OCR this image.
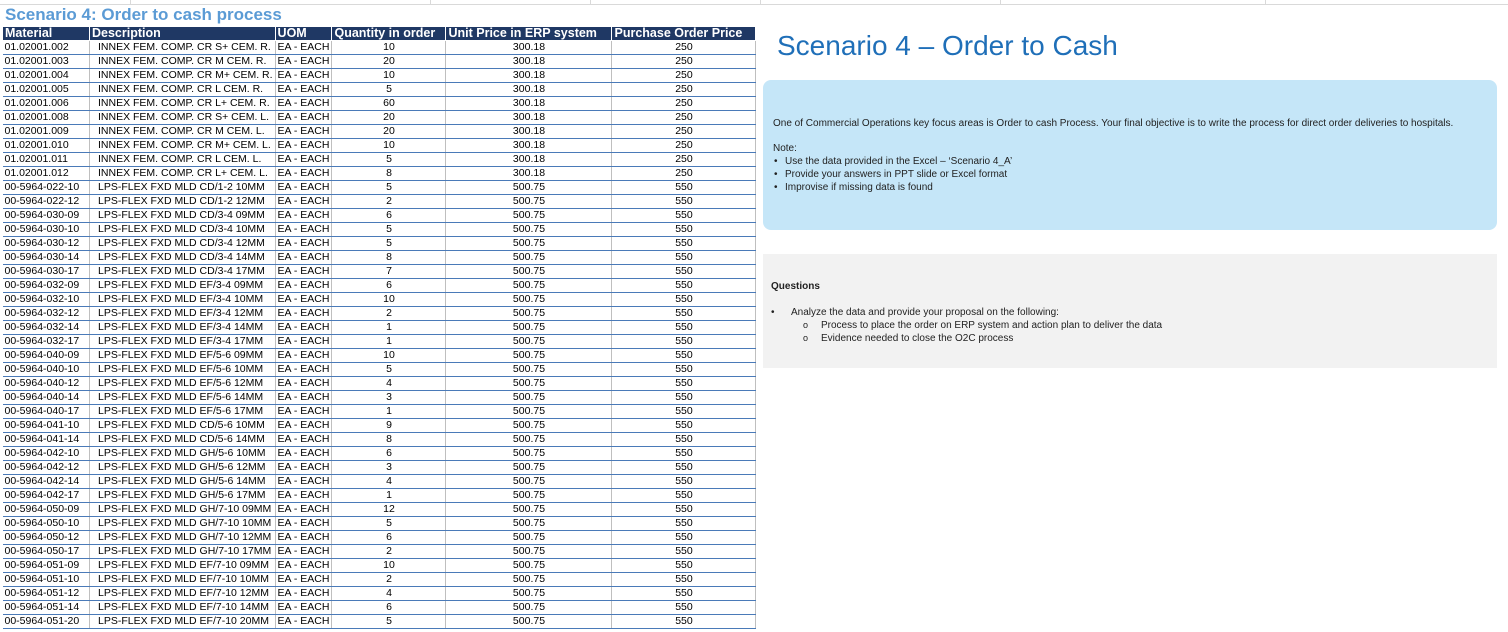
Scenario 4: Order to cash process
Material	Description	UOM	Quantity in order	Unit Price in ERP system	Purchase Order Price
01.02001.002	INNEX FEM. COMP. CR S+ CEM. R.	EA - EACH	10	300.18	250
01.02001.003	INNEX FEM. COMP. CR M CEM. R.	EA - EACH	20	300.18	250
01.02001.004	INNEX FEM. COMP. CR M+ CEM. R.	EA - EACH	10	300.18	250
01.02001.005	INNEX FEM. COMP. CR L CEM. R.	EA - EACH	5	300.18	250
01.02001.006	INNEX FEM. COMP. CR L+ CEM. R.	EA - EACH	60	300.18	250
01.02001.008	INNEX FEM. COMP. CR S+ CEM. L.	EA - EACH	20	300.18	250
01.02001.009	INNEX FEM. COMP. CR M CEM. L.	EA - EACH	20	300.18	250
01.02001.010	INNEX FEM. COMP. CR M+ CEM. L.	EA - EACH	10	300.18	250
01.02001.011	INNEX FEM. COMP. CR L CEM. L.	EA - EACH	5	300.18	250
01.02001.012	INNEX FEM. COMP. CR L+ CEM. L.	EA - EACH	8	300.18	250
00-5964-022-10	LPS-FLEX FXD MLD CD/1-2 10MM	EA - EACH	5	500.75	550
00-5964-022-12	LPS-FLEX FXD MLD CD/1-2 12MM	EA - EACH	2	500.75	550
00-5964-030-09	LPS-FLEX FXD MLD CD/3-4 09MM	EA - EACH	6	500.75	550
00-5964-030-10	LPS-FLEX FXD MLD CD/3-4 10MM	EA - EACH	5	500.75	550
00-5964-030-12	LPS-FLEX FXD MLD CD/3-4 12MM	EA - EACH	5	500.75	550
00-5964-030-14	LPS-FLEX FXD MLD CD/3-4 14MM	EA - EACH	8	500.75	550
00-5964-030-17	LPS-FLEX FXD MLD CD/3-4 17MM	EA - EACH	7	500.75	550
00-5964-032-09	LPS-FLEX FXD MLD EF/3-4 09MM	EA - EACH	6	500.75	550
00-5964-032-10	LPS-FLEX FXD MLD EF/3-4 10MM	EA - EACH	10	500.75	550
00-5964-032-12	LPS-FLEX FXD MLD EF/3-4 12MM	EA - EACH	2	500.75	550
00-5964-032-14	LPS-FLEX FXD MLD EF/3-4 14MM	EA - EACH	1	500.75	550
00-5964-032-17	LPS-FLEX FXD MLD EF/3-4 17MM	EA - EACH	1	500.75	550
00-5964-040-09	LPS-FLEX FXD MLD EF/5-6 09MM	EA - EACH	10	500.75	550
00-5964-040-10	LPS-FLEX FXD MLD EF/5-6 10MM	EA - EACH	5	500.75	550
00-5964-040-12	LPS-FLEX FXD MLD EF/5-6 12MM	EA - EACH	4	500.75	550
00-5964-040-14	LPS-FLEX FXD MLD EF/5-6 14MM	EA - EACH	3	500.75	550
00-5964-040-17	LPS-FLEX FXD MLD EF/5-6 17MM	EA - EACH	1	500.75	550
00-5964-041-10	LPS-FLEX FXD MLD CD/5-6 10MM	EA - EACH	9	500.75	550
00-5964-041-14	LPS-FLEX FXD MLD CD/5-6 14MM	EA - EACH	8	500.75	550
00-5964-042-10	LPS-FLEX FXD MLD GH/5-6 10MM	EA - EACH	6	500.75	550
00-5964-042-12	LPS-FLEX FXD MLD GH/5-6 12MM	EA - EACH	3	500.75	550
00-5964-042-14	LPS-FLEX FXD MLD GH/5-6 14MM	EA - EACH	4	500.75	550
00-5964-042-17	LPS-FLEX FXD MLD GH/5-6 17MM	EA - EACH	1	500.75	550
00-5964-050-09	LPS-FLEX FXD MLD GH/7-10 09MM	EA - EACH	12	500.75	550
00-5964-050-10	LPS-FLEX FXD MLD GH/7-10 10MM	EA - EACH	5	500.75	550
00-5964-050-12	LPS-FLEX FXD MLD GH/7-10 12MM	EA - EACH	6	500.75	550
00-5964-050-17	LPS-FLEX FXD MLD GH/7-10 17MM	EA - EACH	2	500.75	550
00-5964-051-09	LPS-FLEX FXD MLD EF/7-10 09MM	EA - EACH	10	500.75	550
00-5964-051-10	LPS-FLEX FXD MLD EF/7-10 10MM	EA - EACH	2	500.75	550
00-5964-051-12	LPS-FLEX FXD MLD EF/7-10 12MM	EA - EACH	4	500.75	550
00-5964-051-14	LPS-FLEX FXD MLD EF/7-10 14MM	EA - EACH	6	500.75	550
00-5964-051-20	LPS-FLEX FXD MLD EF/7-10 20MM	EA - EACH	5	500.75	550
Scenario 4 – Order to Cash
One of Commercial Operations key focus areas is Order to cash Process. Your final objective is to write the process for direct order deliveries to hospitals.
Note:
• Use the data provided in the Excel – ‘Scenario 4_A’
• Provide your answers in PPT slide or Excel format
• Improvise if missing data is found
Questions
• Analyze the data and provide your proposal on the following:
o Process to place the order on ERP system and action plan to deliver the data
o Evidence needed to close the O2C process
